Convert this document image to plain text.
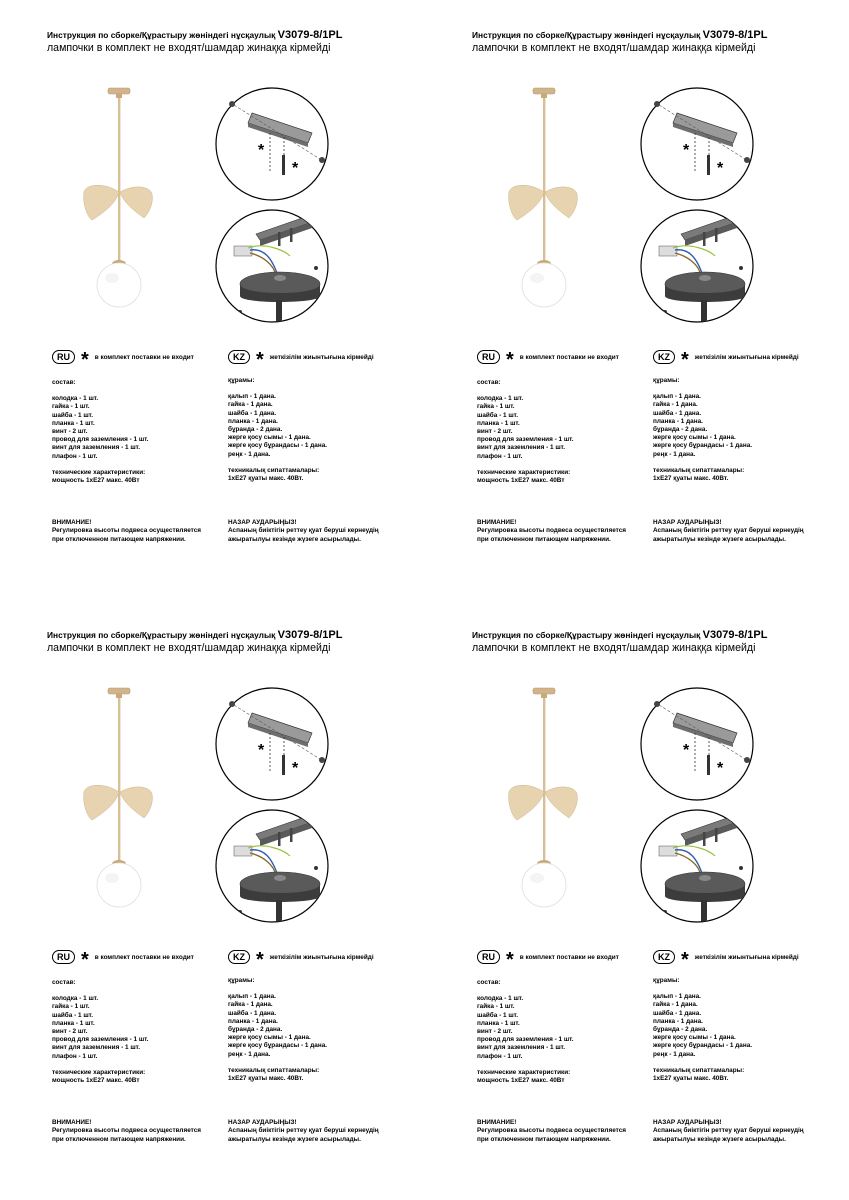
Инструкция по сборке/Құрастыру жөніндегі нұсқаулық V3079-8/1PL
лампочки в комплект не входят/шамдар жинаққа кірмейді
*
*
RU * в комплект поставки не входит	KZ * жеткізілім жиынтығына кірмейді
состав:
колодка - 1 шт.
гайка - 1 шт.
шайба - 1 шт.
планка - 1 шт.
винт - 2 шт.
провод для заземления - 1 шт.
винт для заземления - 1 шт.
плафон - 1 шт.
технические характеристики:
мощность 1хЕ27 макс. 40Вт
құрамы:
қалып - 1 дана.
гайка - 1 дана.
шайба - 1 дана.
планка - 1 дана.
бұранда - 2 дана.
жерге қосу сымы - 1 дана.
жерге қосу бұрандасы - 1 дана.
реңк - 1 дана.
техникалық сипаттамалары:
1хЕ27 қуаты макс. 40Вт.
ВНИМАНИЕ!
Регулировка высоты подвеса осуществляется
при отключенном питающем напряжении.
НАЗАР АУДАРЫҢЫЗ!
Аспаның биіктігін реттеу қуат беруші кернеудің
ажыратылуы кезінде жүзеге асырылады.
Инструкция по сборке/Құрастыру жөніндегі нұсқаулық V3079-8/1PL
лампочки в комплект не входят/шамдар жинаққа кірмейді
*
*
RU * в комплект поставки не входит	KZ * жеткізілім жиынтығына кірмейді
состав:
колодка - 1 шт.
гайка - 1 шт.
шайба - 1 шт.
планка - 1 шт.
винт - 2 шт.
провод для заземления - 1 шт.
винт для заземления - 1 шт.
плафон - 1 шт.
технические характеристики:
мощность 1хЕ27 макс. 40Вт
құрамы:
қалып - 1 дана.
гайка - 1 дана.
шайба - 1 дана.
планка - 1 дана.
бұранда - 2 дана.
жерге қосу сымы - 1 дана.
жерге қосу бұрандасы - 1 дана.
реңк - 1 дана.
техникалық сипаттамалары:
1хЕ27 қуаты макс. 40Вт.
ВНИМАНИЕ!
Регулировка высоты подвеса осуществляется
при отключенном питающем напряжении.
НАЗАР АУДАРЫҢЫЗ!
Аспаның биіктігін реттеу қуат беруші кернеудің
ажыратылуы кезінде жүзеге асырылады.
Инструкция по сборке/Құрастыру жөніндегі нұсқаулық V3079-8/1PL
лампочки в комплект не входят/шамдар жинаққа кірмейді
*
*
RU * в комплект поставки не входит	KZ * жеткізілім жиынтығына кірмейді
состав:
колодка - 1 шт.
гайка - 1 шт.
шайба - 1 шт.
планка - 1 шт.
винт - 2 шт.
провод для заземления - 1 шт.
винт для заземления - 1 шт.
плафон - 1 шт.
технические характеристики:
мощность 1хЕ27 макс. 40Вт
құрамы:
қалып - 1 дана.
гайка - 1 дана.
шайба - 1 дана.
планка - 1 дана.
бұранда - 2 дана.
жерге қосу сымы - 1 дана.
жерге қосу бұрандасы - 1 дана.
реңк - 1 дана.
техникалық сипаттамалары:
1хЕ27 қуаты макс. 40Вт.
ВНИМАНИЕ!
Регулировка высоты подвеса осуществляется
при отключенном питающем напряжении.
НАЗАР АУДАРЫҢЫЗ!
Аспаның биіктігін реттеу қуат беруші кернеудің
ажыратылуы кезінде жүзеге асырылады.
Инструкция по сборке/Құрастыру жөніндегі нұсқаулық V3079-8/1PL
лампочки в комплект не входят/шамдар жинаққа кірмейді
*
*
RU * в комплект поставки не входит	KZ * жеткізілім жиынтығына кірмейді
состав:
колодка - 1 шт.
гайка - 1 шт.
шайба - 1 шт.
планка - 1 шт.
винт - 2 шт.
провод для заземления - 1 шт.
винт для заземления - 1 шт.
плафон - 1 шт.
технические характеристики:
мощность 1хЕ27 макс. 40Вт
құрамы:
қалып - 1 дана.
гайка - 1 дана.
шайба - 1 дана.
планка - 1 дана.
бұранда - 2 дана.
жерге қосу сымы - 1 дана.
жерге қосу бұрандасы - 1 дана.
реңк - 1 дана.
техникалық сипаттамалары:
1хЕ27 қуаты макс. 40Вт.
ВНИМАНИЕ!
Регулировка высоты подвеса осуществляется
при отключенном питающем напряжении.
НАЗАР АУДАРЫҢЫЗ!
Аспаның биіктігін реттеу қуат беруші кернеудің
ажыратылуы кезінде жүзеге асырылады.
